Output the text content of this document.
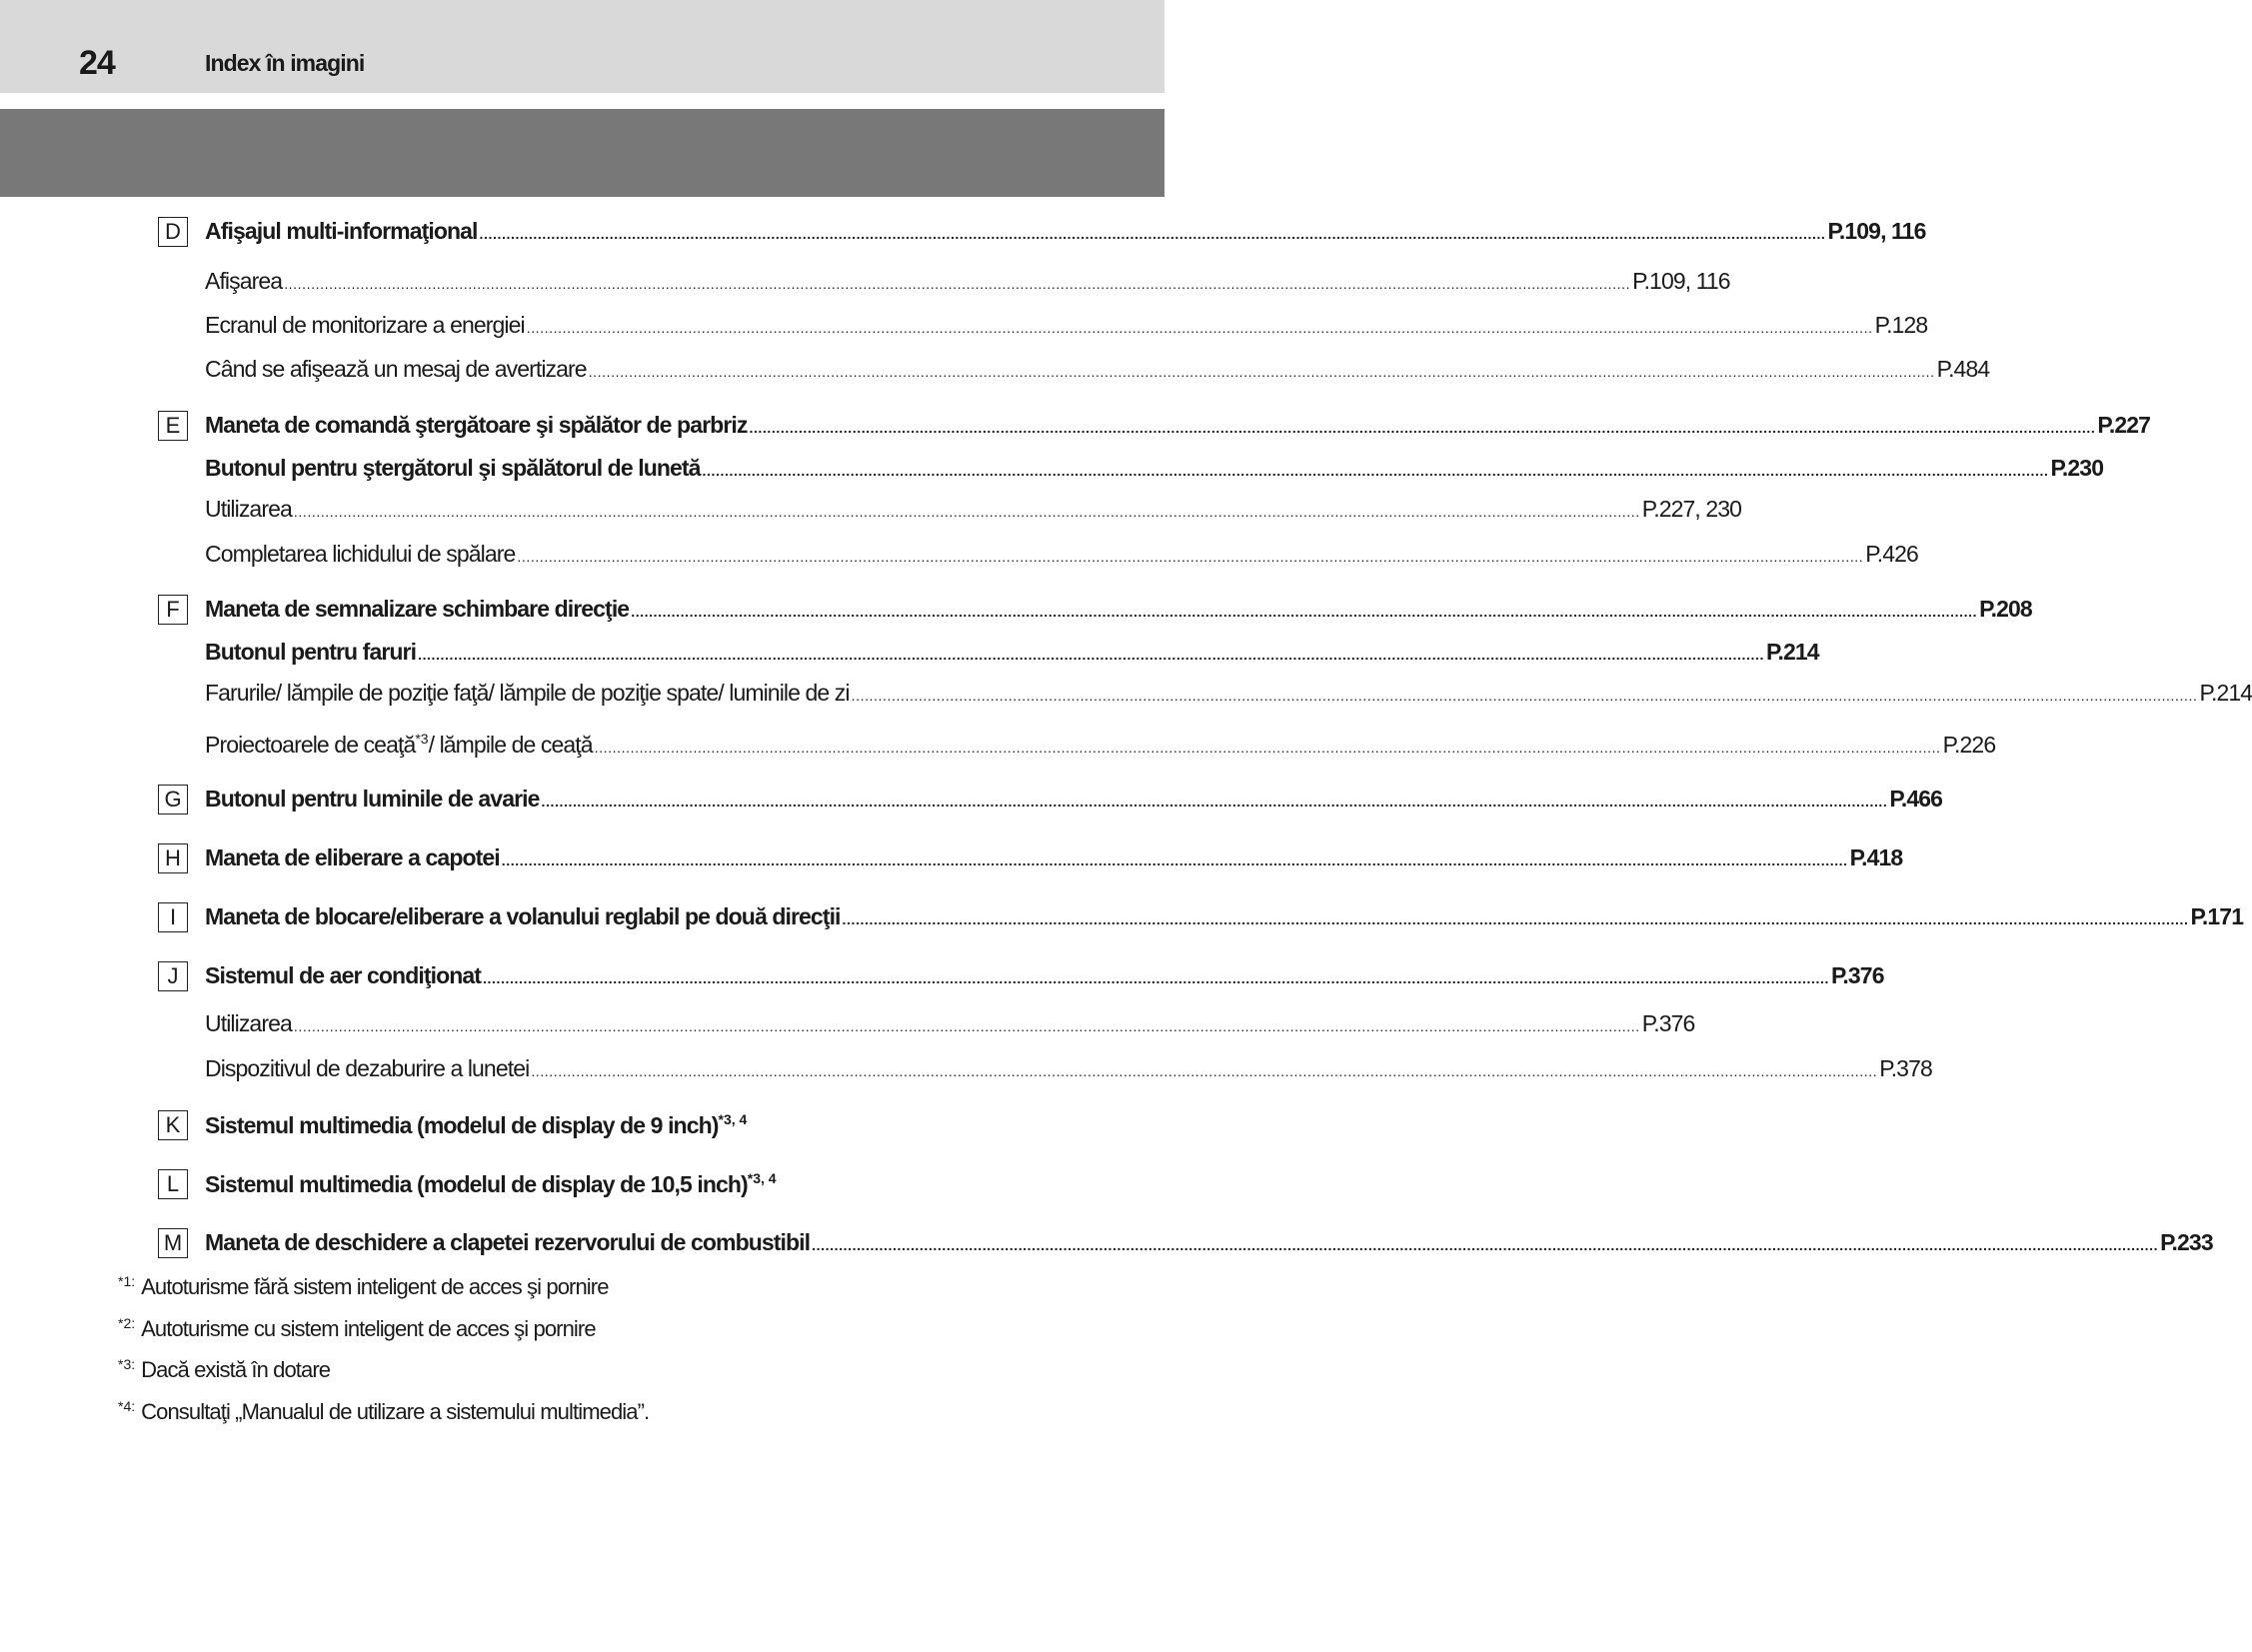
24	Index în imagini
D	Afişajul multi-informaţional ............................................................................................................................................................................................................................................................................................................ P.109, 116
Afişarea ............................................................................................................................................................................................................................................................................................................ P.109, 116
Ecranul de monitorizare a energiei ............................................................................................................................................................................................................................................................................................................ P.128
Când se afişează un mesaj de avertizare ............................................................................................................................................................................................................................................................................................................ P.484
E	Maneta de comandă ştergătoare şi spălător de parbriz ............................................................................................................................................................................................................................................................................................................ P.227
Butonul pentru ştergătorul şi spălătorul de lunetă ............................................................................................................................................................................................................................................................................................................ P.230
Utilizarea ............................................................................................................................................................................................................................................................................................................ P.227, 230
Completarea lichidului de spălare ............................................................................................................................................................................................................................................................................................................ P.426
F	Maneta de semnalizare schimbare direcţie ............................................................................................................................................................................................................................................................................................................ P.208
Butonul pentru faruri ............................................................................................................................................................................................................................................................................................................ P.214
Farurile/ lămpile de poziţie faţă/ lămpile de poziţie spate/ luminile de zi ............................................................................................................................................................................................................................................................................................................ P.214
Proiectoarele de ceaţă$^{*3}$/ lămpile de ceaţă ............................................................................................................................................................................................................................................................................................................ P.226
G Butonul pentru luminile de avarie ............................................................................................................................................................................................................................................................................................................ P.466
H	Maneta de eliberare a capotei ............................................................................................................................................................................................................................................................................................................ P.418
I	Maneta de blocare/eliberare a volanului reglabil pe două direcţii ............................................................................................................................................................................................................................................................................................................ P.171
J	Sistemul de aer condiţionat ............................................................................................................................................................................................................................................................................................................ P.376
Utilizarea ............................................................................................................................................................................................................................................................................................................ P.376
Dispozitivul de dezaburire a lunetei ............................................................................................................................................................................................................................................................................................................ P.378
K	Sistemul multimedia (modelul de display de 9 inch)$^{*3, 4}$
L	Sistemul multimedia (modelul de display de 10,5 inch)$^{*3, 4}$
M Maneta de deschidere a clapetei rezervorului de combustibil ............................................................................................................................................................................................................................................................................................................ P.233
$^{*1:}$ Autoturisme fără sistem inteligent de acces şi pornire
$^{*2:}$ Autoturisme cu sistem inteligent de acces şi pornire
$^{*3:}$ Dacă există în dotare
$^{*4:}$ Consultaţi „Manualul de utilizare a sistemului multimedia”.
